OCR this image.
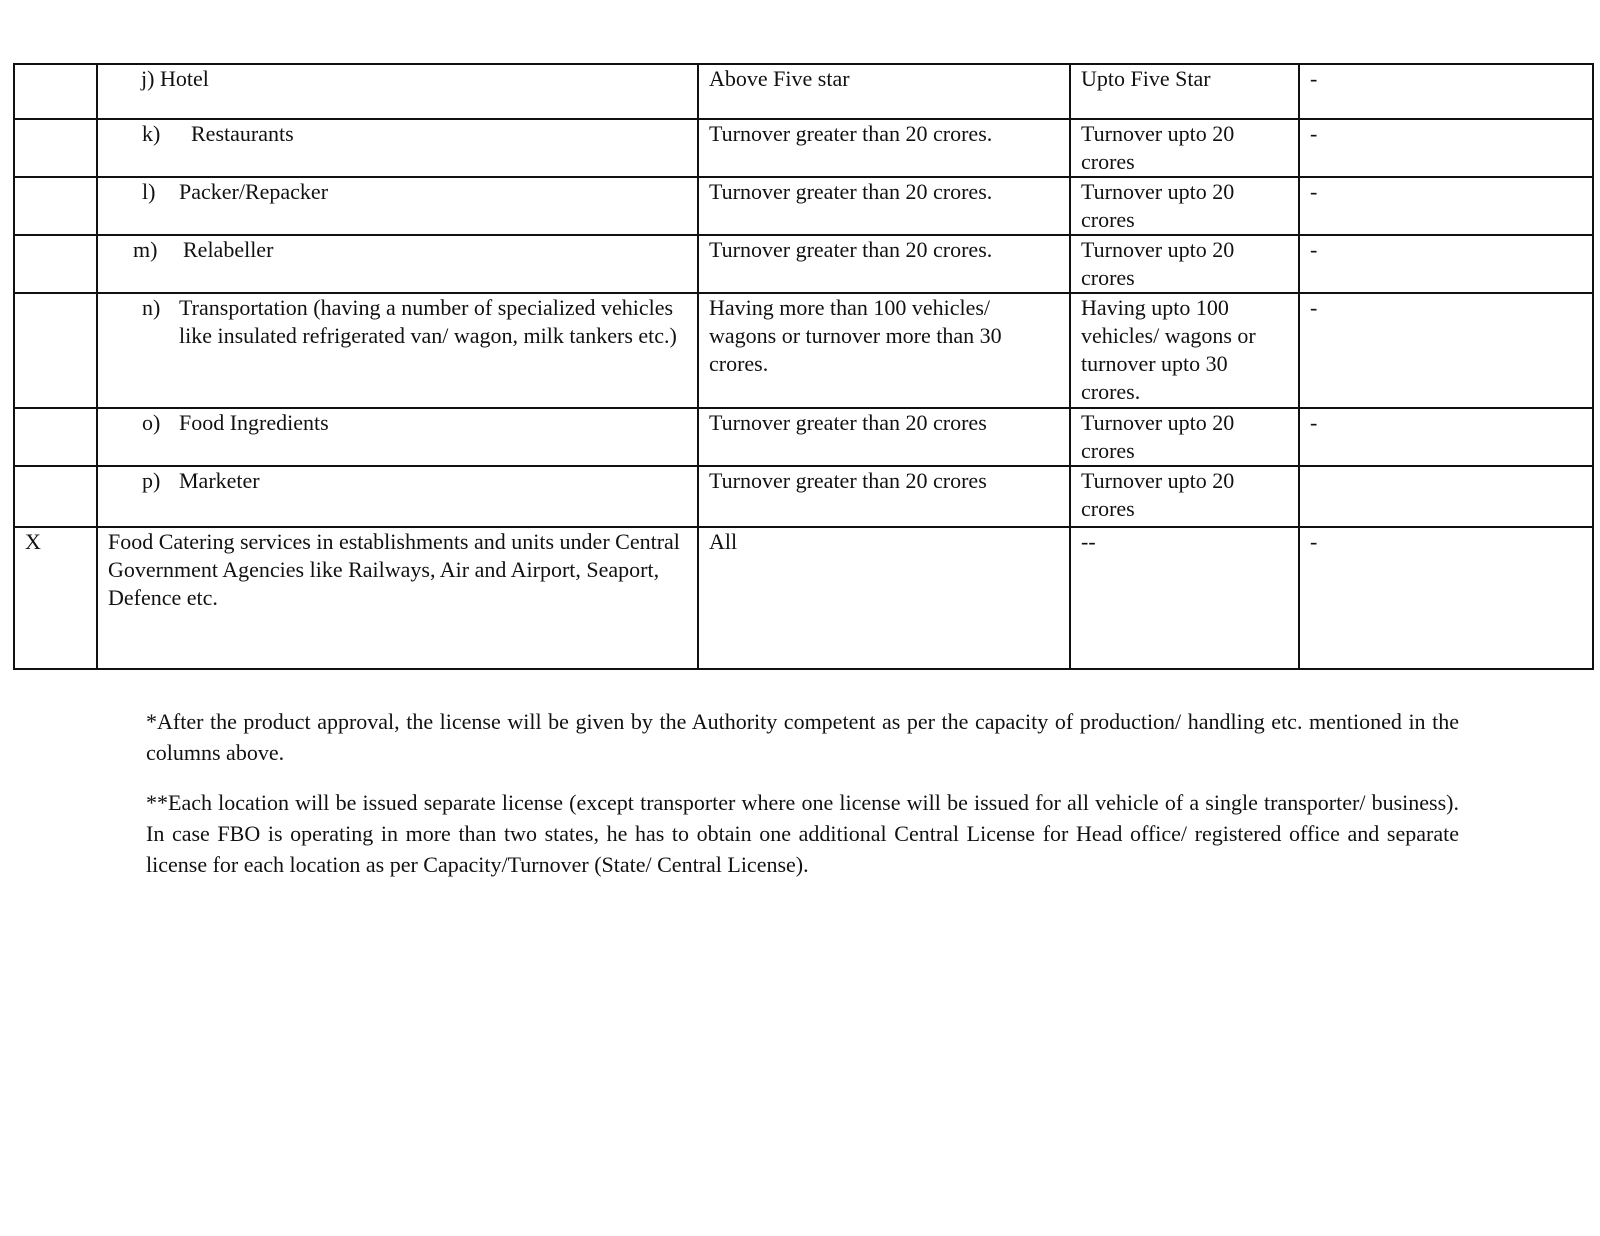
	j) Hotel	Above Five star	Upto Five Star	-
	k) Restaurants	Turnover greater than 20 crores.	Turnover upto 20 crores	-
	l) Packer/Repacker	Turnover greater than 20 crores.	Turnover upto 20 crores	-
	m) Relabeller	Turnover greater than 20 crores.	Turnover upto 20 crores	-

	n) Transportation (having a number of specialized vehicles like insulated refrigerated van/ wagon, milk tankers etc.)	Having more than 100 vehicles/ wagons or turnover more than 30 crores.	Having upto 100 vehicles/ wagons or turnover upto 30 crores.	-
	o) Food Ingredients	Turnover greater than 20 crores	Turnover upto 20 crores	-
	p) Marketer	Turnover greater than 20 crores	Turnover upto 20 crores	
X	Food Catering services in establishments and units under Central Government Agencies like Railways, Air and Airport, Seaport, Defence etc.	All	--	-

*After the product approval, the license will be given by the Authority competent as per the capacity of production/ handling etc. mentioned in the columns above.

**Each location will be issued separate license (except transporter where one license will be issued for all vehicle of a single transporter/ business). In case FBO is operating in more than two states, he has to obtain one additional Central License for Head office/ registered office and separate license for each location as per Capacity/Turnover (State/ Central License).
